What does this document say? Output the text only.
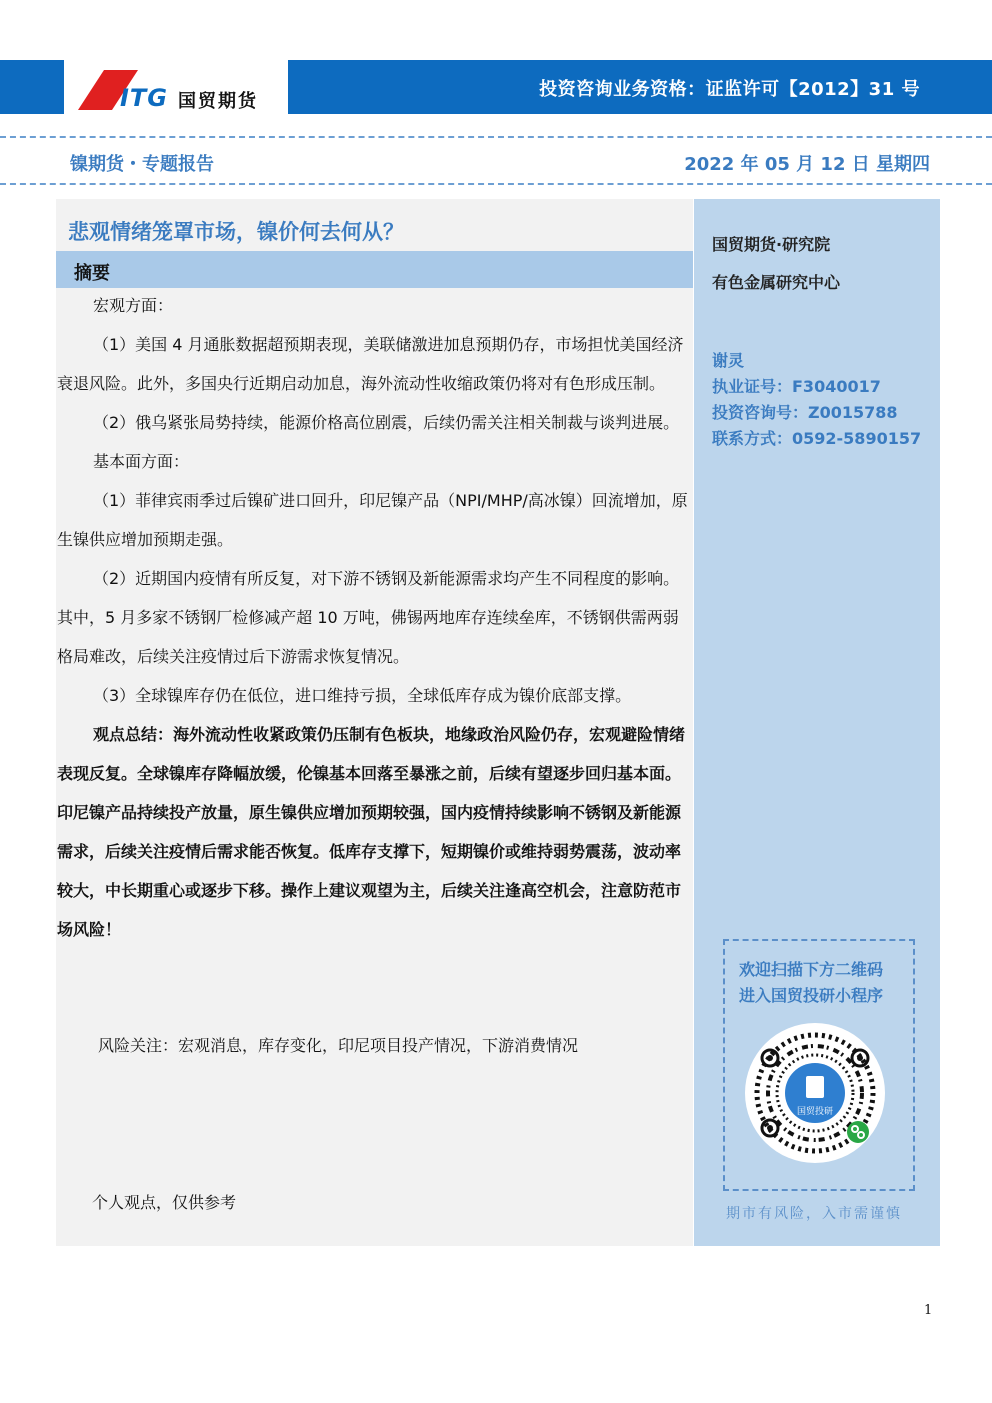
ITG 国贸期货
投资咨询业务资格：证监许可【2012】31 号
镍期货・专题报告	2022 年 05 月 12 日 星期四
悲观情绪笼罩市场，镍价何去何从？
摘要

宏观方面：

（1）美国 4 月通胀数据超预期表现，美联储激进加息预期仍存，市场担忧美国经济衰退风险。此外，多国央行近期启动加息，海外流动性收缩政策仍将对有色形成压制。

（2）俄乌紧张局势持续，能源价格高位剧震，后续仍需关注相关制裁与谈判进展。

基本面方面：

（1）菲律宾雨季过后镍矿进口回升，印尼镍产品（NPI/MHP/高冰镍）回流增加，原生镍供应增加预期走强。

（2）近期国内疫情有所反复，对下游不锈钢及新能源需求均产生不同程度的影响。其中，5 月多家不锈钢厂检修减产超 10 万吨，佛锡两地库存连续垒库，不锈钢供需两弱格局难改，后续关注疫情过后下游需求恢复情况。

（3）全球镍库存仍在低位，进口维持亏损，全球低库存成为镍价底部支撑。

观点总结：海外流动性收紧政策仍压制有色板块，地缘政治风险仍存，宏观避险情绪表现反复。全球镍库存降幅放缓，伦镍基本回落至暴涨之前，后续有望逐步回归基本面。印尼镍产品持续投产放量，原生镍供应增加预期较强，国内疫情持续影响不锈钢及新能源需求，后续关注疫情后需求能否恢复。低库存支撑下，短期镍价或维持弱势震荡，波动率较大，中长期重心或逐步下移。操作上建议观望为主，后续关注逢高空机会，注意防范市场风险！

风险关注：宏观消息，库存变化，印尼项目投产情况，下游消费情况
个人观点，仅供参考
国贸期货·研究院
有色金属研究中心
谢灵
执业证号：F3040017
投资咨询号：Z0015788
联系方式：0592-5890157
欢迎扫描下方二维码
进入国贸投研小程序
国贸投研
期市有风险，入市需谨慎
1
